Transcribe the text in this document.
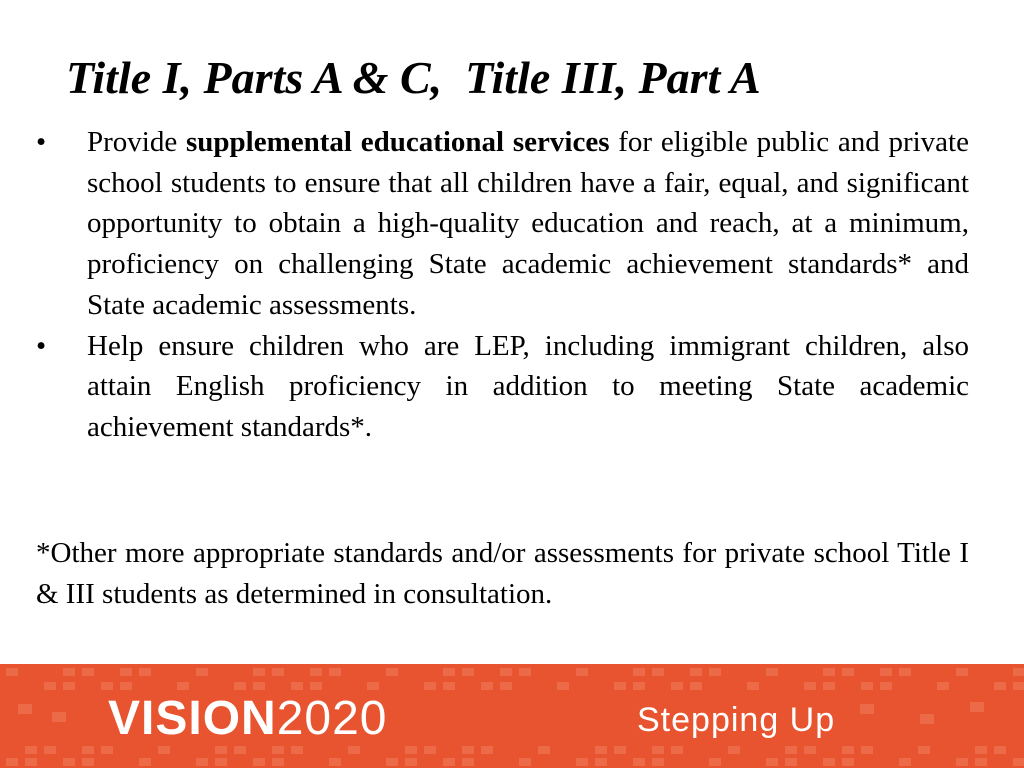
Title I, Parts A & C,  Title III, Part A
• Provide supplemental educational services for eligible public and private school students to ensure that all children have a fair, equal, and significant opportunity to obtain a high-quality education and reach, at a minimum, proficiency on challenging State academic achievement standards* and State academic assessments.
• Help ensure children who are LEP, including immigrant children, also attain English proficiency in addition to meeting State academic achievement standards*.

*Other more appropriate standards and/or assessments for private school Title I & III students as determined in consultation.

VISION 2020	Stepping Up
